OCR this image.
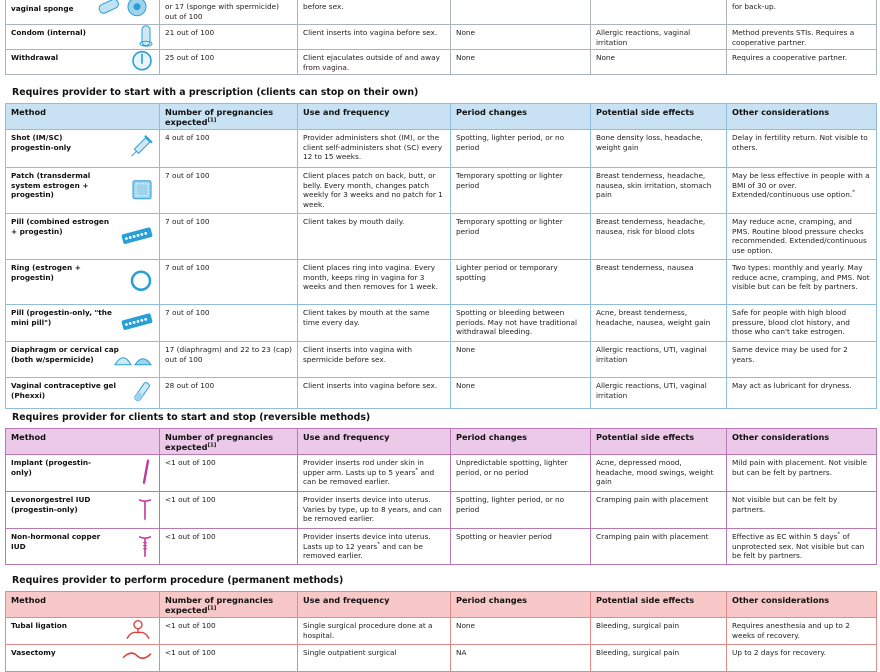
vaginal sponge	or 17 (sponge with spermicide) out of 100	before sex.			for back-up.

Condom (internal)	21 out of 100	Client inserts into vagina before sex.	None	Allergic reactions, vaginal irritation	Method prevents STIs. Requires a cooperative partner.
Withdrawal	25 out of 100	Client ejaculates outside of and away from vagina.	None	None	Requires a cooperative partner.
Requires provider to start with a prescription (clients can stop on their own)
Method	Number of pregnancies expected[1]	Use and frequency	Period changes	Potential side effects	Other considerations

Shot (IM/SC) progestin-only	4 out of 100	Provider administers shot (IM), or the client self-administers shot (SC) every 12 to 15 weeks.	Spotting, lighter period, or no period	Bone density loss, headache, weight gain	Delay in fertility return. Not visible to others.

Patch (transdermal system estrogen + progestin)	7 out of 100	Client places patch on back, butt, or belly. Every month, changes patch weekly for 3 weeks and no patch for 1 week.	Temporary spotting or lighter period	Breast tenderness, headache, nausea, skin irritation, stomach pain	May be less effective in people with a BMI of 30 or over. Extended/continuous use option.*

Pill (combined estrogen + progestin)	7 out of 100	Client takes by mouth daily.	Temporary spotting or lighter period	Breast tenderness, headache, nausea, risk for blood clots	May reduce acne, cramping, and PMS. Routine blood pressure checks recommended. Extended/continuous use option.

Ring (estrogen + progestin)	7 out of 100	Client places ring into vagina. Every month, keeps ring in vagina for 3 weeks and then removes for 1 week.	Lighter period or temporary spotting	Breast tenderness, nausea	Two types: monthly and yearly. May reduce acne, cramping, and PMS. Not visible but can be felt by partners.

Pill (progestin-only, "the mini pill")	7 out of 100	Client takes by mouth at the same time every day.	Spotting or bleeding between periods. May not have traditional withdrawal bleeding.	Acne, breast tenderness, headache, nausea, weight gain	Safe for people with high blood pressure, blood clot history, and those who can't take estrogen.

Diaphragm or cervical cap (both w/spermicide)	17 (diaphragm) and 22 to 23 (cap) out of 100	Client inserts into vagina with spermicide before sex.	None	Allergic reactions, UTI, vaginal irritation	Same device may be used for 2 years.

Vaginal contraceptive gel (Phexxi)	28 out of 100	Client inserts into vagina before sex.	None	Allergic reactions, UTI, vaginal irritation	May act as lubricant for dryness.
Requires provider for clients to start and stop (reversible methods)
Method	Number of pregnancies expected[1]	Use and frequency	Period changes	Potential side effects	Other considerations

Implant (progestin-only)	<1 out of 100	Provider inserts rod under skin in upper arm. Lasts up to 5 years* and can be removed earlier.	Unpredictable spotting, lighter period, or no period	Acne, depressed mood, headache, mood swings, weight gain	Mild pain with placement. Not visible but can be felt by partners.

Levonorgestrel IUD (progestin-only)	<1 out of 100	Provider inserts device into uterus. Varies by type, up to 8 years, and can be removed earlier.	Spotting, lighter period, or no period	Cramping pain with placement	Not visible but can be felt by partners.

Non-hormonal copper IUD	<1 out of 100	Provider inserts device into uterus. Lasts up to 12 years* and can be removed earlier.	Spotting or heavier period	Cramping pain with placement	Effective as EC within 5 days* of unprotected sex. Not visible but can be felt by partners.
Requires provider to perform procedure (permanent methods)
Method	Number of pregnancies expected[1]	Use and frequency	Period changes	Potential side effects	Other considerations
Tubal ligation	<1 out of 100	Single surgical procedure done at a hospital.	None	Bleeding, surgical pain	Requires anesthesia and up to 2 weeks of recovery.
Vasectomy	<1 out of 100	Single outpatient surgical	NA	Bleeding, surgical pain	Up to 2 days for recovery.
